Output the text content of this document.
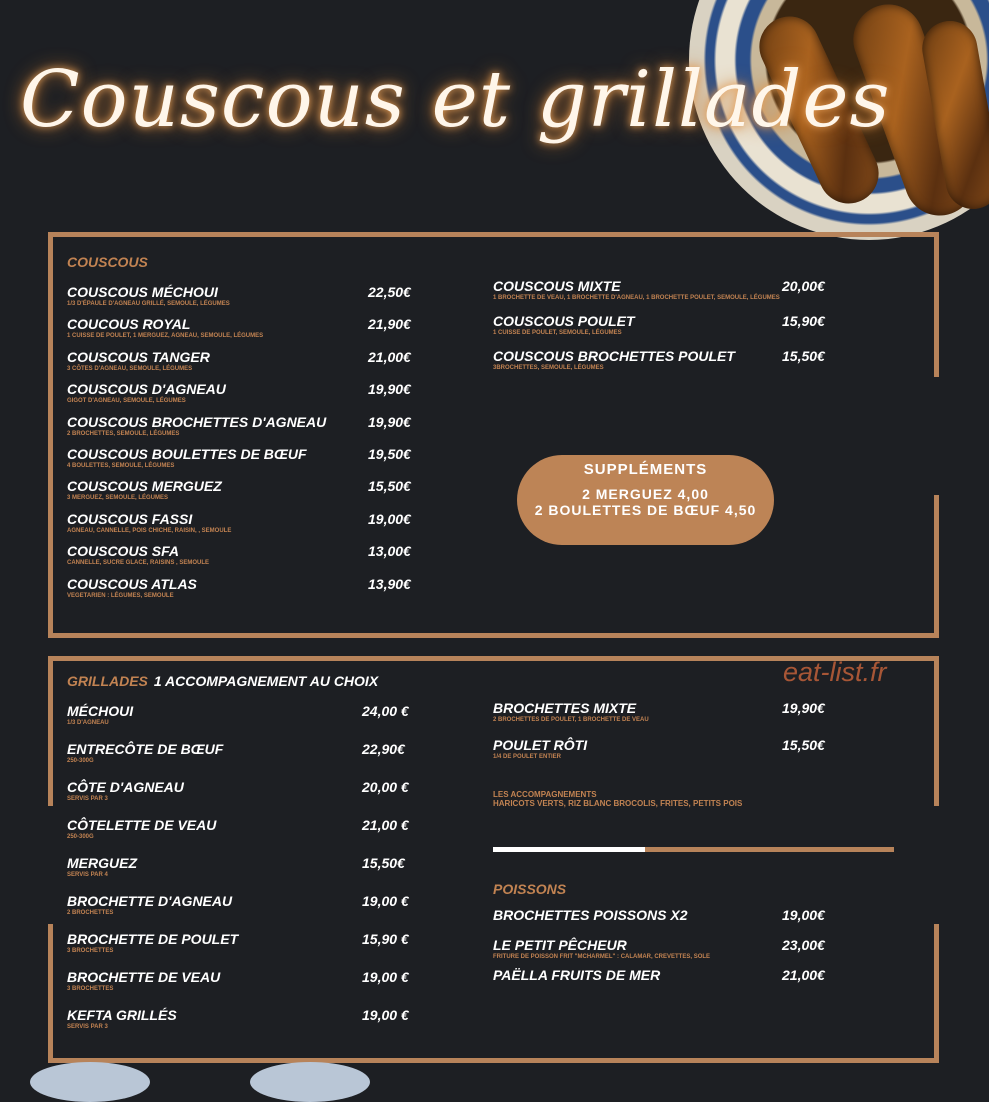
Couscous et grillades
COUSCOUS
COUSCOUS MÉCHOUI
1/3 D'ÉPAULE D'AGNEAU GRILLÉ, SEMOULE, LÉGUMES
22,50€
COUCOUS ROYAL
1 CUISSE DE POULET, 1 MERGUEZ, AGNEAU, SEMOULE, LÉGUMES
21,90€
COUSCOUS TANGER
3 CÔTES D'AGNEAU, SEMOULE, LÉGUMES
21,00€
COUSCOUS D'AGNEAU
GIGOT D'AGNEAU, SEMOULE, LÉGUMES
19,90€
COUSCOUS BROCHETTES D'AGNEAU
2 BROCHETTES, SEMOULE, LÉGUMES
19,90€
COUSCOUS BOULETTES DE BŒUF
4 BOULETTES, SEMOULE, LÉGUMES
19,50€
COUSCOUS MERGUEZ
3 MERGUEZ, SEMOULE, LÉGUMES
15,50€
COUSCOUS FASSI
AGNEAU, CANNELLE, POIS CHICHE, RAISIN, , SEMOULE
19,00€
COUSCOUS SFA
CANNELLE, SUCRE GLACE, RAISINS , SEMOULE
13,00€
COUSCOUS ATLAS
VEGETARIEN : LÉGUMES, SEMOULE
13,90€
COUSCOUS MIXTE
1 BROCHETTE DE VEAU, 1 BROCHETTE D'AGNEAU, 1 BROCHETTE POULET, SEMOULE, LÉGUMES
20,00€
COUSCOUS POULET
1 CUISSE DE POULET, SEMOULE, LÉGUMES
15,90€
COUSCOUS BROCHETTES POULET
3BROCHETTES, SEMOULE, LÉGUMES
15,50€
SUPPLÉMENTS
2 MERGUEZ 4,00
2 BOULETTES DE BŒUF 4,50
GRILLADES 1 ACCOMPAGNEMENT AU CHOIX
MÉCHOUI
1/3 D'AGNEAU
24,00 €
ENTRECÔTE DE BŒUF
250-300G
22,90€
CÔTE D'AGNEAU
SERVIS PAR 3
20,00 €
CÔTELETTE DE VEAU
250-300G
21,00 €
MERGUEZ
SERVIS PAR 4
15,50€
BROCHETTE D'AGNEAU
2 BROCHETTES
19,00 €
BROCHETTE DE POULET
3 BROCHETTES
15,90 €
BROCHETTE DE VEAU
3 BROCHETTES
19,00 €
KEFTA GRILLÉS
SERVIS PAR 3
19,00 €
BROCHETTES MIXTE
2 BROCHETTES DE POULET, 1 BROCHETTE DE VEAU
19,90€
POULET RÔTI
1/4 DE POULET ENTIER
15,50€
LES ACCOMPAGNEMENTS
HARICOTS VERTS, RIZ BLANC BROCOLIS, FRITES, PETITS POIS
POISSONS
BROCHETTES POISSONS X2	19,00€
LE PETIT PÊCHEUR
FRITURE DE POISSON FRIT "MCHARMEL" : CALAMAR, CREVETTES, SOLE
23,00€
PAËLLA FRUITS DE MER	21,00€
eat-list.fr
